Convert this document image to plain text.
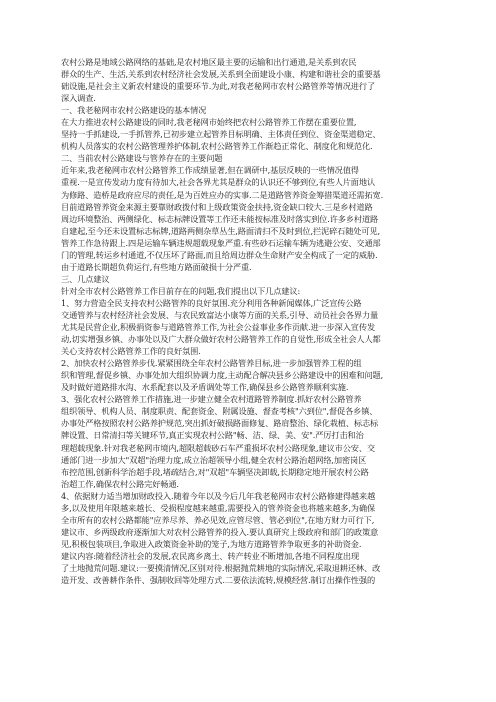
农村公路是地域公路网络的基础,是农村地区最主要的运输和出行通道,是关系到农民
群众的生产、生活,关系到农村经济社会发展,关系到全面建设小康、构建和谐社会的重要基
础设施,是社会主义新农村建设的重要环节.为此,对我老秘网市农村公路管养等情况进行了
深入调查.
一、我老秘网市农村公路建设的基本情况
在大力推进农村公路建设的同时,我老秘网市始终把农村公路管养工作摆在重要位置,
坚持一手抓建设,一手抓管养,已初步建立起管养目标明确、主体责任到位、资金渠道稳定、
机构人员落实的农村公路管理养护体制,农村公路管养工作渐趋正常化、制度化和规范化.
二、当前农村公路建设与管养存在的主要问题
近年来,我老秘网市农村公路管养工作成绩显著,但在调研中,基层反映的一些情况值得
重视.一是宣传发动力度有待加大,社会各界尤其是群众的认识还不够到位,有些人片面地认
为修路、造桥是政府应尽的责任,是为百姓应办的实事.二是道路管养资金筹措渠道还需拓宽.
目前道路管养资金来源主要靠财政拨付和上级政策资金扶持,资金缺口较大.三是乡村道路
周边环境整治、两侧绿化、标志标牌设置等工作还未能按标准及时落实到位.许多乡村道路
自建起,至今还未设置标志标牌,道路两侧杂草丛生,路面清扫不及时到位,拦泥碎石随处可见,
管养工作急待跟上.四是运输车辆违规超载现象严重.有些砂石运输车辆为逃避公安、交通部
门的管理,转运乡村通道,不仅压坏了路面,而且给周边群众生命财产安全构成了一定的威胁.
由于道路长期超负荷运行,有些地方路面破损十分严重.
三、几点建议
针对全市农村公路管养工作目前存在的问题,我们提出以下几点建议:
1、努力营造全民支持农村公路管养的良好氛围.充分利用各种新闻媒体,广泛宣传公路
交通管养与农村经济社会发展、与农民致富达小康等方面的关系,引导、动员社会各界力量
尤其是民营企业,积极捐资参与道路管养工作,为社会公益事业多作贡献.进一步深入宣传发
动,切实增强乡镇、办事处以及广大群众做好农村公路管养工作的自觉性,形成全社会人人都
关心支持农村公路管养工作的良好氛围.
2、加快农村公路管养步伐.紧紧围绕全年农村公路管养目标,进一步加强管养工程的组
织和管理,督促乡镇、办事处加大组织协调力度,主动配合解决县乡公路建设中的困难和问题,
及时做好道路排水沟、水系配套以及矛盾调处等工作,确保县乡公路管养顺利实施.
3、强化农村公路管养工作措施,进一步建立健全农村道路管养制度.抓好农村公路管养
组织领导、机构人员、制度职责、配套资金、附属设施、督查考核"六到位",督促各乡镇、
办事处严格按照农村公路养护规范,突出抓好破损路面修复、路肩整治、绿化栽植、标志标
牌设置、日常清扫等关键环节,真正实现农村公路"畅、洁、绿、美、安".严厉打击和治
理超载现象.针对我老秘网市境内,超限超载砂石车严重损坏农村公路现象,建议市公安、交
通部门进一步加大"双超"治理力度,成立治超领导小组,健全农村公路治超网络,加密岗区
布控范围,创新科学治超手段,堵疏结合,对"双超"车辆坚决卸载,长期稳定地开展农村公路
治超工作,确保农村公路完好畅通.
4、依据财力适当增加财政投入.随着今年以及今后几年我老秘网市农村公路修建得越来越
多,以及使用年限越来越长、受损程度越来越重,需要投入的管养资金也将越来越多,为确保
全市所有的农村公路都能"应养尽养、养必见效,应管尽管、管必到位",在地方财力可行下,
建议市、乡两级政府逐渐加大对农村公路管养的投入.要认真研究上级政府和部门的政策意
见,积极包装项目,争取进入政策资金补助的笼子,为地方道路管养争取更多的补助资金.
建议内容:随着经济社会的发展,农民离乡离土、转产转业不断增加,各地不同程度出现
了土地抛荒问题.建议:一要摸清情况,区别对待.根据抛荒耕地的实际情况,采取退耕还林、改
造开发、改善耕作条件、强制收回等处理方式.二要依法流转,规模经营.制订出操作性强的
